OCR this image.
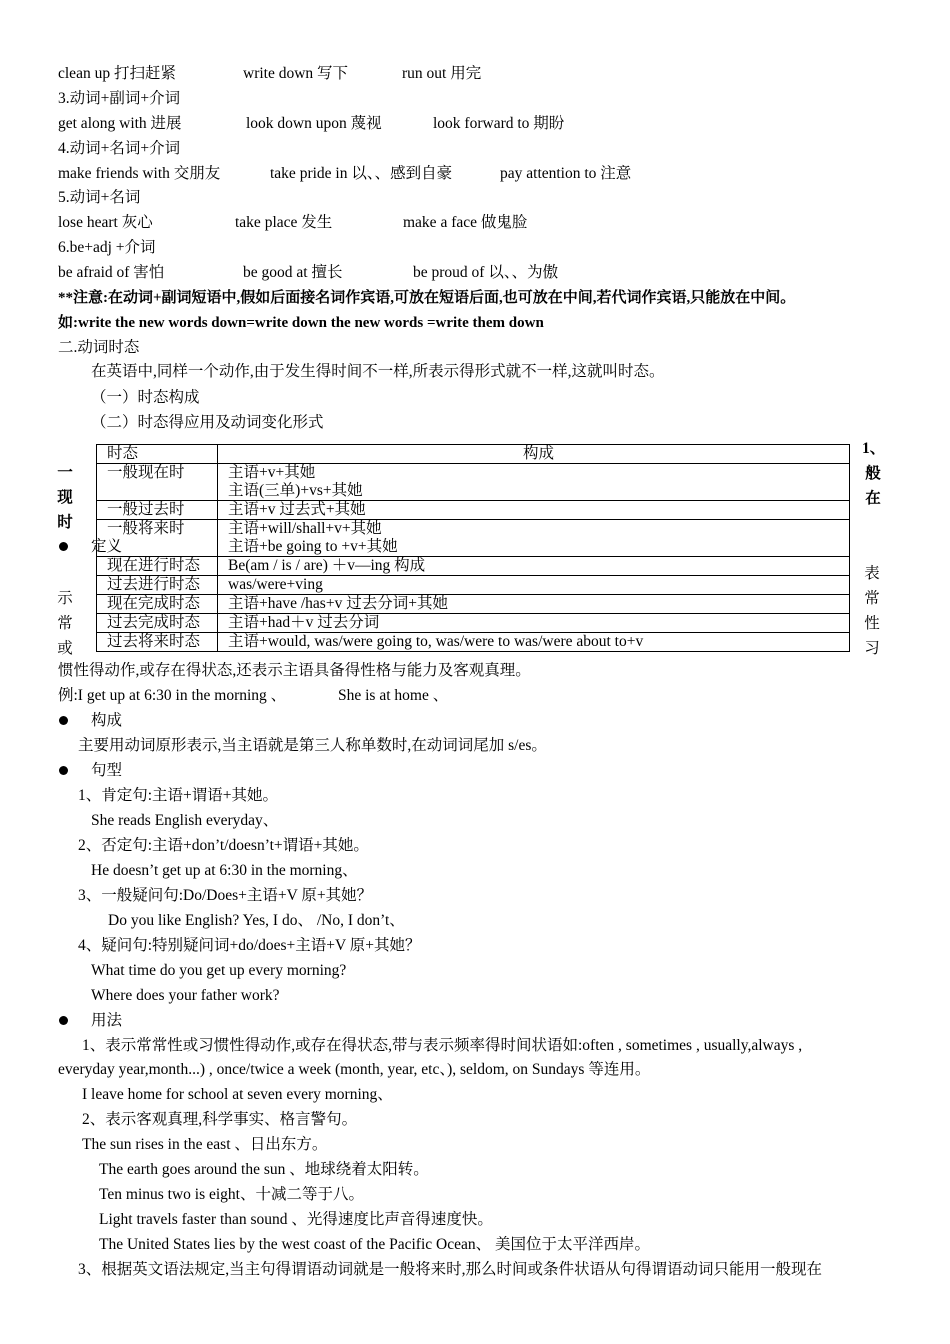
clean up 打扫赶紧	write down 写下	run out 用完
3.动词+副词+介词
get along with 进展	look down upon 蔑视	look forward to 期盼
4.动词+名词+介词
make friends with 交朋友	take pride in 以、、感到自豪	pay attention to 注意
5.动词+名词
lose heart 灰心	take place 发生	make a face 做鬼脸
6.be+adj +介词
be afraid of 害怕	be good at 擅长	be proud of 以、、为傲
**注意:在动词+副词短语中,假如后面接名词作宾语,可放在短语后面,也可放在中间,若代词作宾语,只能放在中间。
如:write the new words down=write down the new words =write them down
二.动词时态
在英语中,同样一个动作,由于发生得时间不一样,所表示得形式就不一样,这就叫时态。
（一）时态构成
（二）时态得应用及动词变化形式
1、般在
表常性习
一现时
定义
示常或
时态	构成
一般现在时	主语+v+其她
主语(三单)+vs+其她

一般过去时	主语+v 过去式+其她
一般将来时	主语+will/shall+v+其她
主语+be going to +v+其她

现在进行时态	Be(am / is / are) ＋v—ing 构成
过去进行时态	was/were+ving
现在完成时态	主语+have /has+v 过去分词+其她
过去完成时态	主语+had＋v 过去分词
过去将来时态	主语+would, was/were going to, was/were to was/were about to+v
惯性得动作,或存在得状态,还表示主语具备得性格与能力及客观真理。
例:I get up at 6:30 in the morning 、	She is at home 、
构成
主要用动词原形表示,当主语就是第三人称单数时,在动词词尾加 s/es。
句型
1、肯定句:主语+谓语+其她。
She reads English everyday、
2、否定句:主语+don’t/doesn’t+谓语+其她。
He doesn’t get up at 6:30 in the morning、
3、一般疑问句:Do/Does+主语+V 原+其她？
Do you like English? Yes, I do、 /No, I don’t、
4、疑问句:特别疑问词+do/does+主语+V 原+其她？
What time do you get up every morning?
Where does your father work?
用法
1、表示常常性或习惯性得动作,或存在得状态,带与表示频率得时间状语如:often , sometimes , usually,always ,
everyday year,month...) , once/twice a week (month, year, etc、), seldom, on Sundays 等连用。
I leave home for school at seven every morning、
2、表示客观真理,科学事实、格言警句。
The sun rises in the east 、日出东方。
The earth goes around the sun 、地球绕着太阳转。
Ten minus two is eight、十减二等于八。
Light travels faster than sound 、光得速度比声音得速度快。
The United States lies by the west coast of the Pacific Ocean、 美国位于太平洋西岸。
3、根据英文语法规定,当主句得谓语动词就是一般将来时,那么时间或条件状语从句得谓语动词只能用一般现在
